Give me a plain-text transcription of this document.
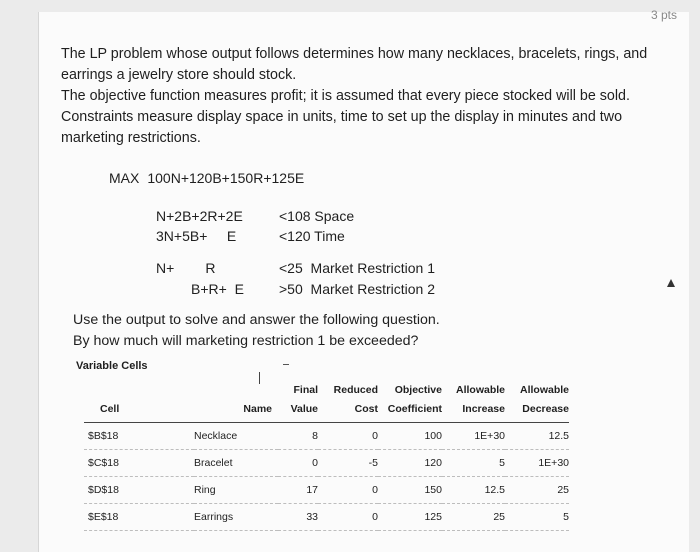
3 pts

The LP problem whose output follows determines how many necklaces, bracelets, rings, and earrings a jewelry store should stock.

The objective function measures profit; it is assumed that every piece stocked will be sold. Constraints measure display space in units, time to set up the display in minutes and two marketing restrictions.

MAX 100N+120B+150R+125E
N+2B+2R+2E	<108 Space
3N+5B+     E	<120 Time
N+        R	<25  Market Restriction 1
B+R+  E	>50  Market Restriction 2
Use the output to solve and answer the following question.
By how much will marketing restriction 1 be exceeded?
Variable Cells
		Final	Reduced	Objective	Allowable	Allowable
Cell	Name	Value	Cost	Coefficient	Increase	Decrease
$B$18	Necklace	8	0	100	1E+30	12.5
$C$18	Bracelet	0	-5	120	5	1E+30
$D$18	Ring	17	0	150	12.5	25
$E$18	Earrings	33	0	125	25	5
